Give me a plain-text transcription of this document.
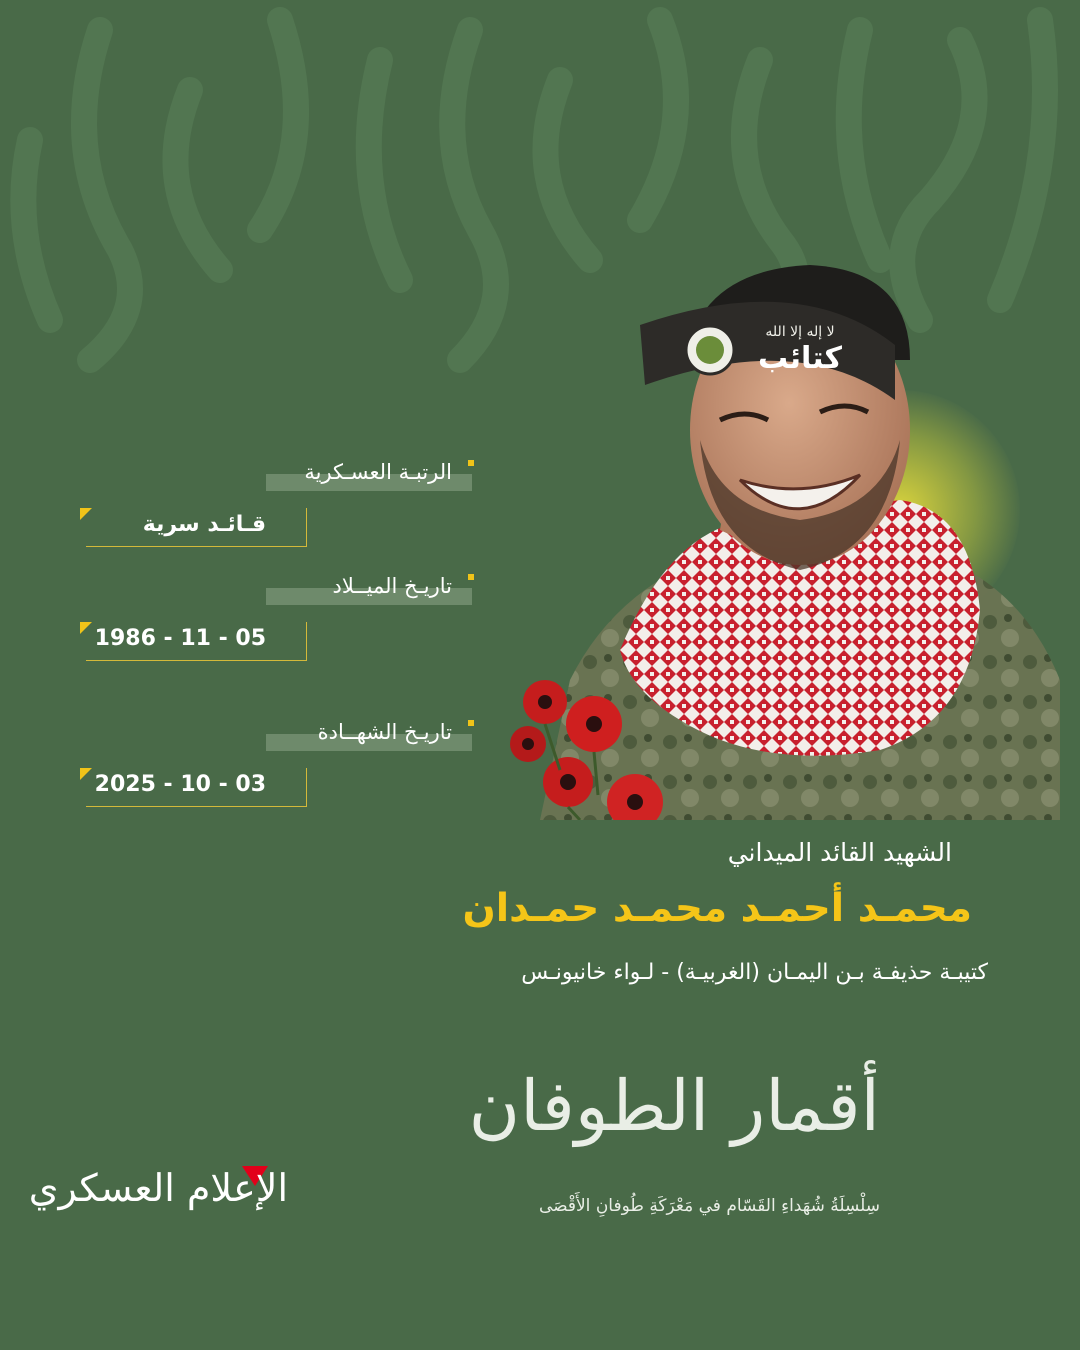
لا إله إلا الله
كتائب
الرتبـة العسـكرية
قـائـد سرية
تاريـخ الميــلاد
1986 - 11 - 05
تاريـخ الشهــادة
2025 - 10 - 03
الشهيد القائد الميداني
محمـد أحمـد محمـد حمـدان
كتيبـة حذيفـة بـن اليمـان (الغربيـة) - لـواء خانيونـس
أقمار الطوفان
سِلْسِلَةُ شُهَداءِ القَسّام في مَعْرَكَةِ طُوفانِ الأَقْصَى
الإعلام العسكري
